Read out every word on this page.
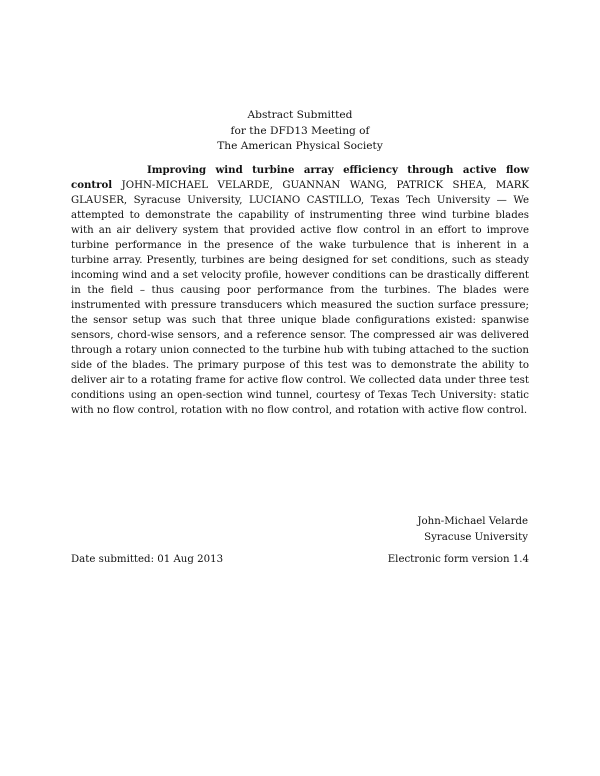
Abstract Submitted
for the DFD13 Meeting of
The American Physical Society
Improving wind turbine array efficiency through active flow control JOHN-MICHAEL VELARDE, GUANNAN WANG, PATRICK SHEA, MARK GLAUSER, Syracuse University, LUCIANO CASTILLO, Texas Tech University — We attempted to demonstrate the capability of instrumenting three wind turbine blades with an air delivery system that provided active flow control in an effort to improve turbine performance in the presence of the wake turbulence that is inherent in a turbine array. Presently, turbines are being designed for set conditions, such as steady incoming wind and a set velocity profile, however conditions can be drastically different in the field – thus causing poor performance from the turbines. The blades were instrumented with pressure transducers which measured the suction surface pressure; the sensor setup was such that three unique blade configurations existed: spanwise sensors, chord-wise sensors, and a reference sensor. The compressed air was delivered through a rotary union connected to the turbine hub with tubing attached to the suction side of the blades. The primary purpose of this test was to demonstrate the ability to deliver air to a rotating frame for active flow control. We collected data under three test conditions using an open-section wind tunnel, courtesy of Texas Tech University: static with no flow control, rotation with no flow control, and rotation with active flow control.
John-Michael Velarde
Syracuse University
Date submitted: 01 Aug 2013	Electronic form version 1.4
